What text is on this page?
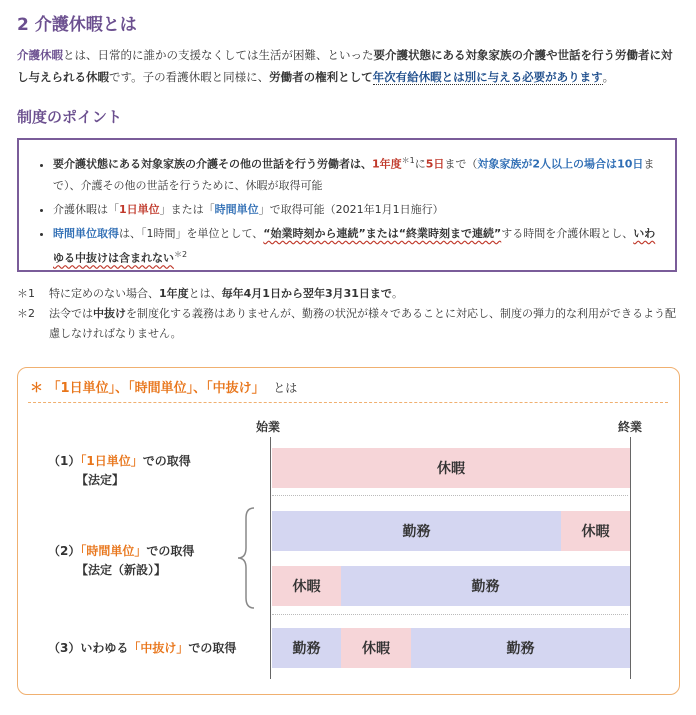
2 介護休暇とは
介護休暇とは、日常的に誰かの支援なくしては生活が困難、といった要介護状態にある対象家族の介護や世話を行う労働者に対し与えられる休暇です。子の看護休暇と同様に、労働者の権利として年次有給休暇とは別に与える必要があります。
制度のポイント
• 要介護状態にある対象家族の介護その他の世話を行う労働者は、1年度$^{*1}$に5日まで（対象家族が2人以上の場合は10日まで）、介護その他の世話を行うために、休暇が取得可能
• 介護休暇は「1日単位」または「時間単位」で取得可能（2021年1月1日施行）
• 時間単位取得は、「1時間」を単位として、“始業時刻から連続”または“終業時刻まで連続”する時間を介護休暇とし、いわゆる中抜けは含まれない$^{*2}$
＊1	特に定めのない場合、1年度とは、毎年4月1日から翌年3月31日まで。
＊2	法令では中抜けを制度化する義務はありませんが、勤務の状況が様々であることに対応し、制度の弾力的な利用ができるよう配慮しなければなりません。
＊ 「1日単位」、「時間単位」、「中抜け」 とは
始業	終業
（1）「1日単位」での取得
【法定】
休暇
（2）「時間単位」での取得
【法定（新設）】
勤務	休暇
休暇	勤務
（3）いわゆる「中抜け」での取得	勤務	休暇	勤務
